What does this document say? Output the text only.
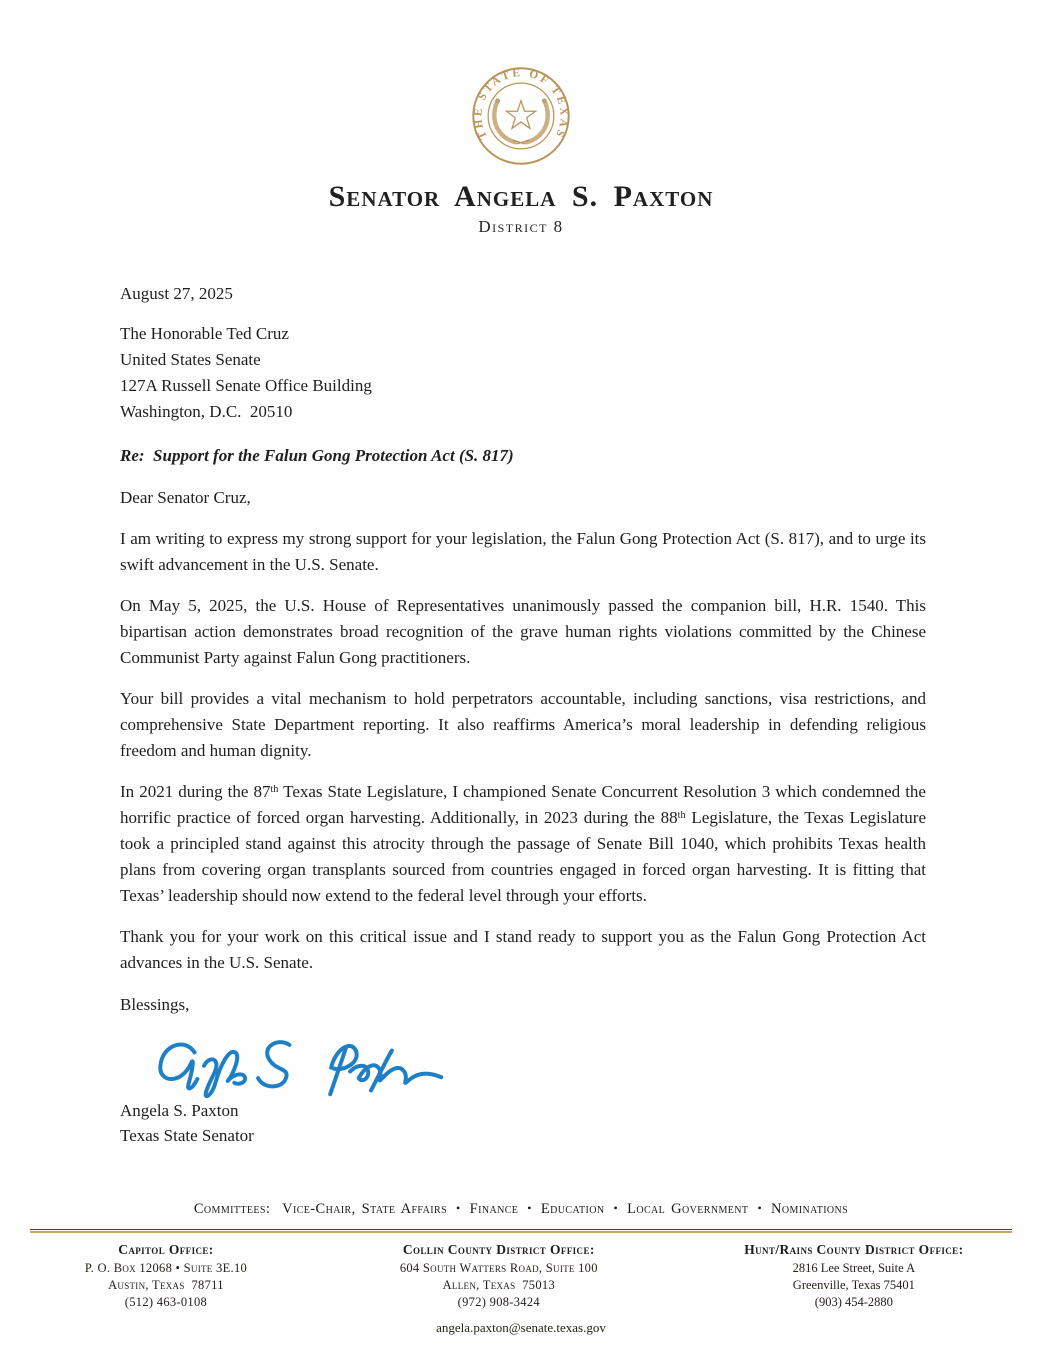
THE STATE OF TEXAS
Senator Angela S. Paxton
District 8

August 27, 2025

The Honorable Ted Cruz
United States Senate
127A Russell Senate Office Building
Washington, D.C.  20510

Re:  Support for the Falun Gong Protection Act (S. 817)

Dear Senator Cruz,

I am writing to express my strong support for your legislation, the Falun Gong Protection Act (S. 817), and to urge its swift advancement in the U.S. Senate.

On May 5, 2025, the U.S. House of Representatives unanimously passed the companion bill, H.R. 1540. This bipartisan action demonstrates broad recognition of the grave human rights violations committed by the Chinese Communist Party against Falun Gong practitioners.

Your bill provides a vital mechanism to hold perpetrators accountable, including sanctions, visa restrictions, and comprehensive State Department reporting. It also reaffirms America’s moral leadership in defending religious freedom and human dignity.

In 2021 during the 87th Texas State Legislature, I championed Senate Concurrent Resolution 3 which condemned the horrific practice of forced organ harvesting. Additionally, in 2023 during the 88th Legislature, the Texas Legislature took a principled stand against this atrocity through the passage of Senate Bill 1040, which prohibits Texas health plans from covering organ transplants sourced from countries engaged in forced organ harvesting. It is fitting that Texas’ leadership should now extend to the federal level through your efforts.

Thank you for your work on this critical issue and I stand ready to support you as the Falun Gong Protection Act advances in the U.S. Senate.

Blessings,

Angela S. Paxton
Texas State Senator
Committees: Vice-Chair, State Affairs • Finance • Education • Local Government • Nominations
Capitol Office:
P. O. Box 12068 • Suite 3E.10
Austin, Texas  78711
(512) 463-0108
Collin County District Office:
604 South Watters Road, Suite 100
Allen, Texas  75013
(972) 908-3424
Hunt/Rains County District Office:
2816 Lee Street, Suite A
Greenville, Texas 75401
(903) 454-2880
angela.paxton@senate.texas.gov
